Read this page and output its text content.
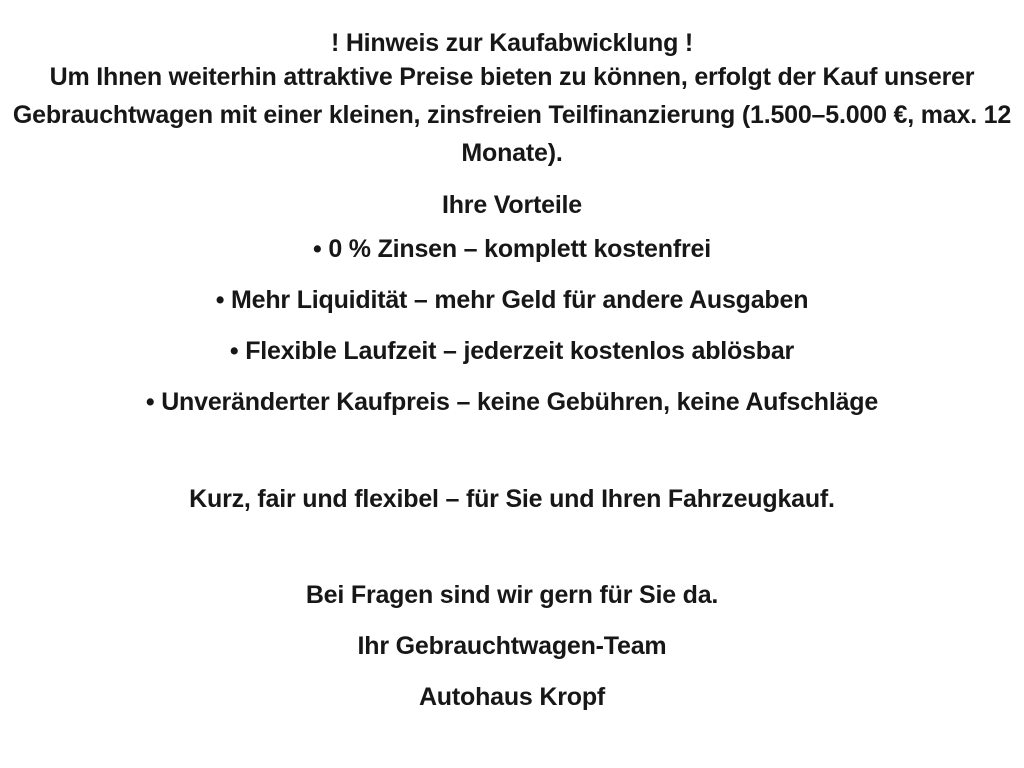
! Hinweis zur Kaufabwicklung !
Um Ihnen weiterhin attraktive Preise bieten zu können, erfolgt der Kauf unserer
Gebrauchtwagen mit einer kleinen, zinsfreien Teilfinanzierung (1.500–5.000 €, max. 12
Monate).
Ihre Vorteile
• 0 % Zinsen – komplett kostenfrei
• Mehr Liquidität – mehr Geld für andere Ausgaben
• Flexible Laufzeit – jederzeit kostenlos ablösbar
• Unveränderter Kaufpreis – keine Gebühren, keine Aufschläge
Kurz, fair und flexibel – für Sie und Ihren Fahrzeugkauf.
Bei Fragen sind wir gern für Sie da.
Ihr Gebrauchtwagen-Team
Autohaus Kropf
